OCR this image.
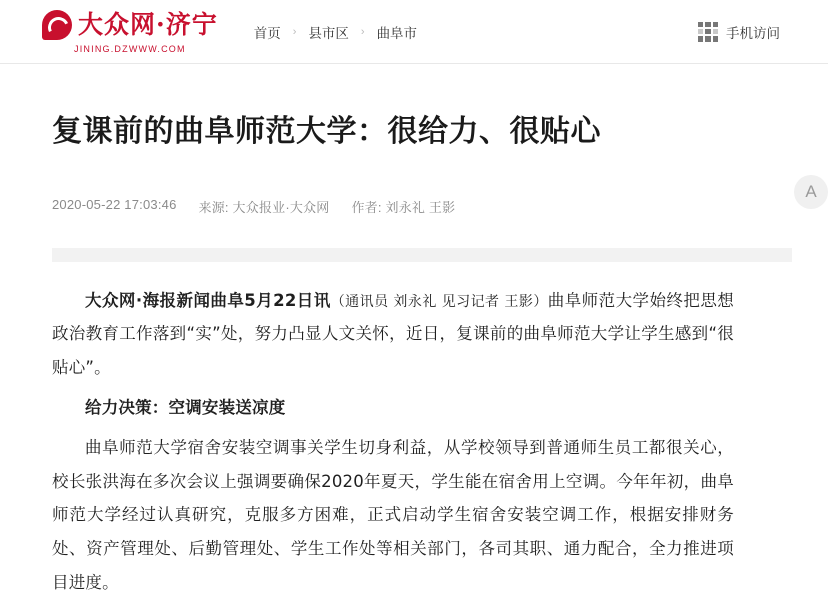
大众网·济宁
JINING.DZWWW.COM
首页 › 县市区 › 曲阜市	手机访问
复课前的曲阜师范大学：很给力、很贴心
2020-05-22 17:03:46 来源: 大众报业·大众网 作者: 刘永礼 王影

大众网·海报新闻曲阜5月22日讯（通讯员 刘永礼 见习记者 王影）曲阜师范大学始终把思想政治教育工作落到“实”处，努力凸显人文关怀，近日，复课前的曲阜师范大学让学生感到“很贴心”。

给力决策：空调安装送凉度

曲阜师范大学宿舍安装空调事关学生切身利益，从学校领导到普通师生员工都很关心，校长张洪海在多次会议上强调要确保2020年夏天，学生能在宿舍用上空调。今年年初，曲阜师范大学经过认真研究，克服多方困难，正式启动学生宿舍安装空调工作，根据安排财务处、资产管理处、后勤管理处、学生工作处等相关部门，各司其职、通力配合，全力推进项目进度。

A
